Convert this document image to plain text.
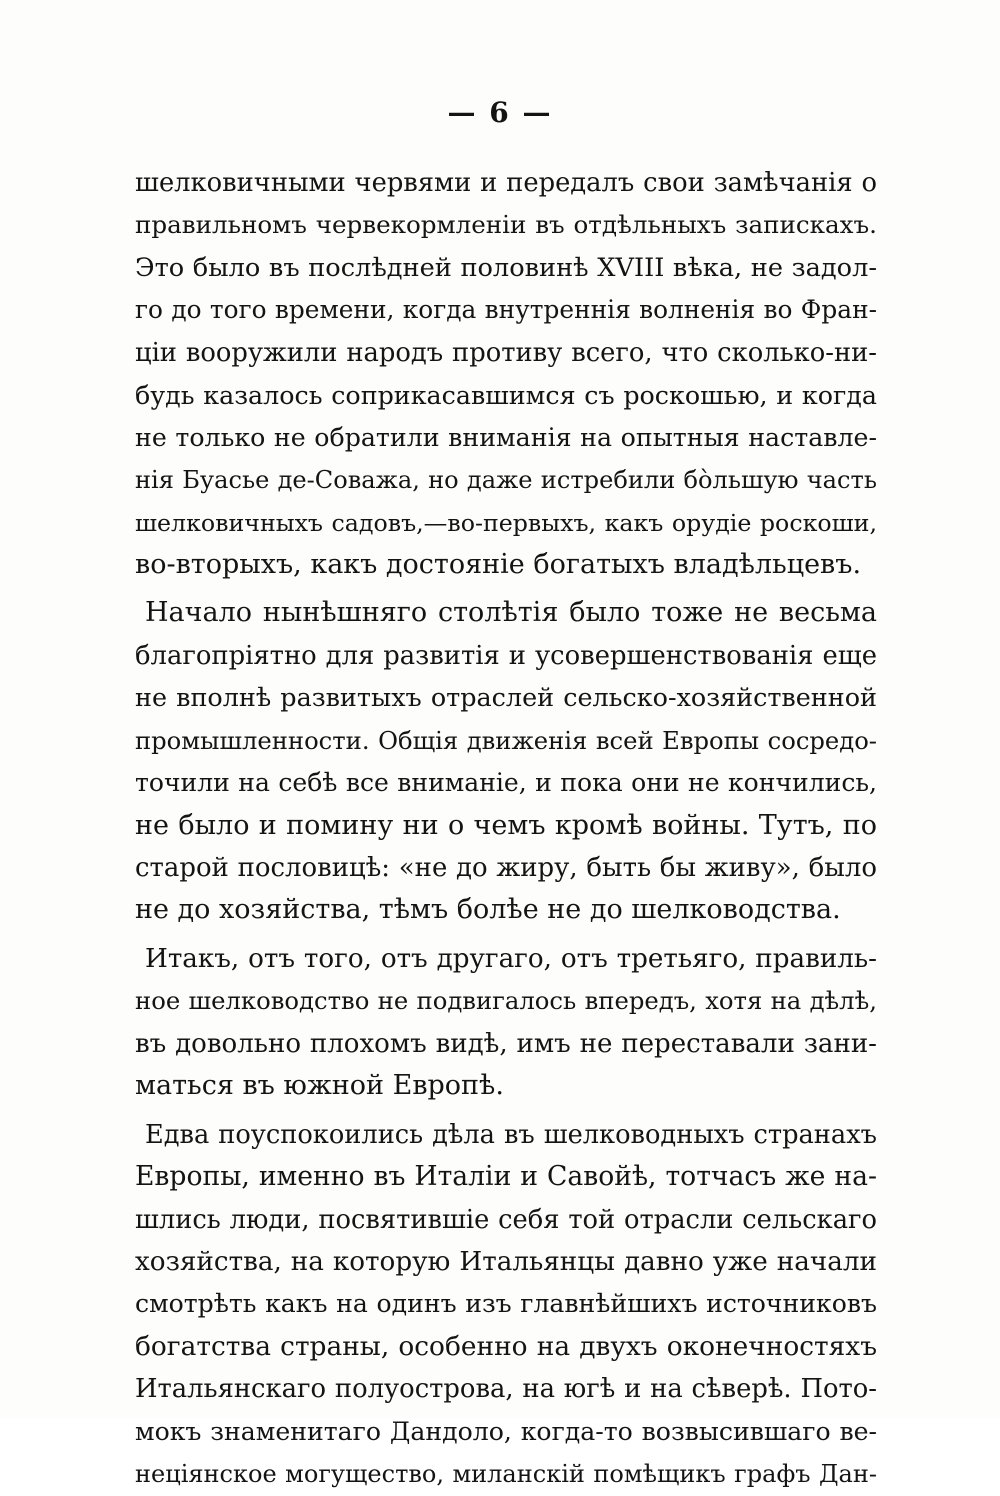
— 6 —
шелковичными червями и передалъ свои замѣчанія о
правильномъ червекормленіи въ отдѣльныхъ запискахъ.
Это было въ послѣдней половинѣ XVIII вѣка, не задол-
го до того времени, когда внутреннія волненія во Фран-
ціи вооружили народъ противу всего, что сколько-ни-
будь казалось соприкасавшимся съ роскошью, и когда
не только не обратили вниманія на опытныя наставле-
нія Буасье де-Соважа, но даже истребили бо̀льшую часть
шелковичныхъ садовъ,—во-первыхъ, какъ орудіе роскоши,
во-вторыхъ, какъ достояніе богатыхъ владѣльцевъ.
Начало нынѣшняго столѣтія было тоже не весьма
благопріятно для развитія и усовершенствованія еще
не вполнѣ развитыхъ отраслей сельско-хозяйственной
промышленности. Общія движенія всей Европы сосредо-
точили на себѣ все вниманіе, и пока они не кончились,
не было и помину ни о чемъ кромѣ войны. Тутъ, по
старой пословицѣ: «не до жиру, быть бы живу», было
не до хозяйства, тѣмъ болѣе не до шелководства.
Итакъ, отъ того, отъ другаго, отъ третьяго, правиль-
ное шелководство не подвигалось впередъ, хотя на дѣлѣ,
въ довольно плохомъ видѣ, имъ не переставали зани-
маться въ южной Европѣ.
Едва поуспокоились дѣла въ шелководныхъ странахъ
Европы, именно въ Италіи и Савойѣ, тотчасъ же на-
шлись люди, посвятившіе себя той отрасли сельскаго
хозяйства, на которую Итальянцы давно уже начали
смотрѣть какъ на одинъ изъ главнѣйшихъ источниковъ
богатства страны, особенно на двухъ оконечностяхъ
Итальянскаго полуострова, на югѣ и на сѣверѣ. Пото-
мокъ знаменитаго Дандоло, когда-то возвысившаго ве-
неціянское могущество, миланскій помѣщикъ графъ Дан-
